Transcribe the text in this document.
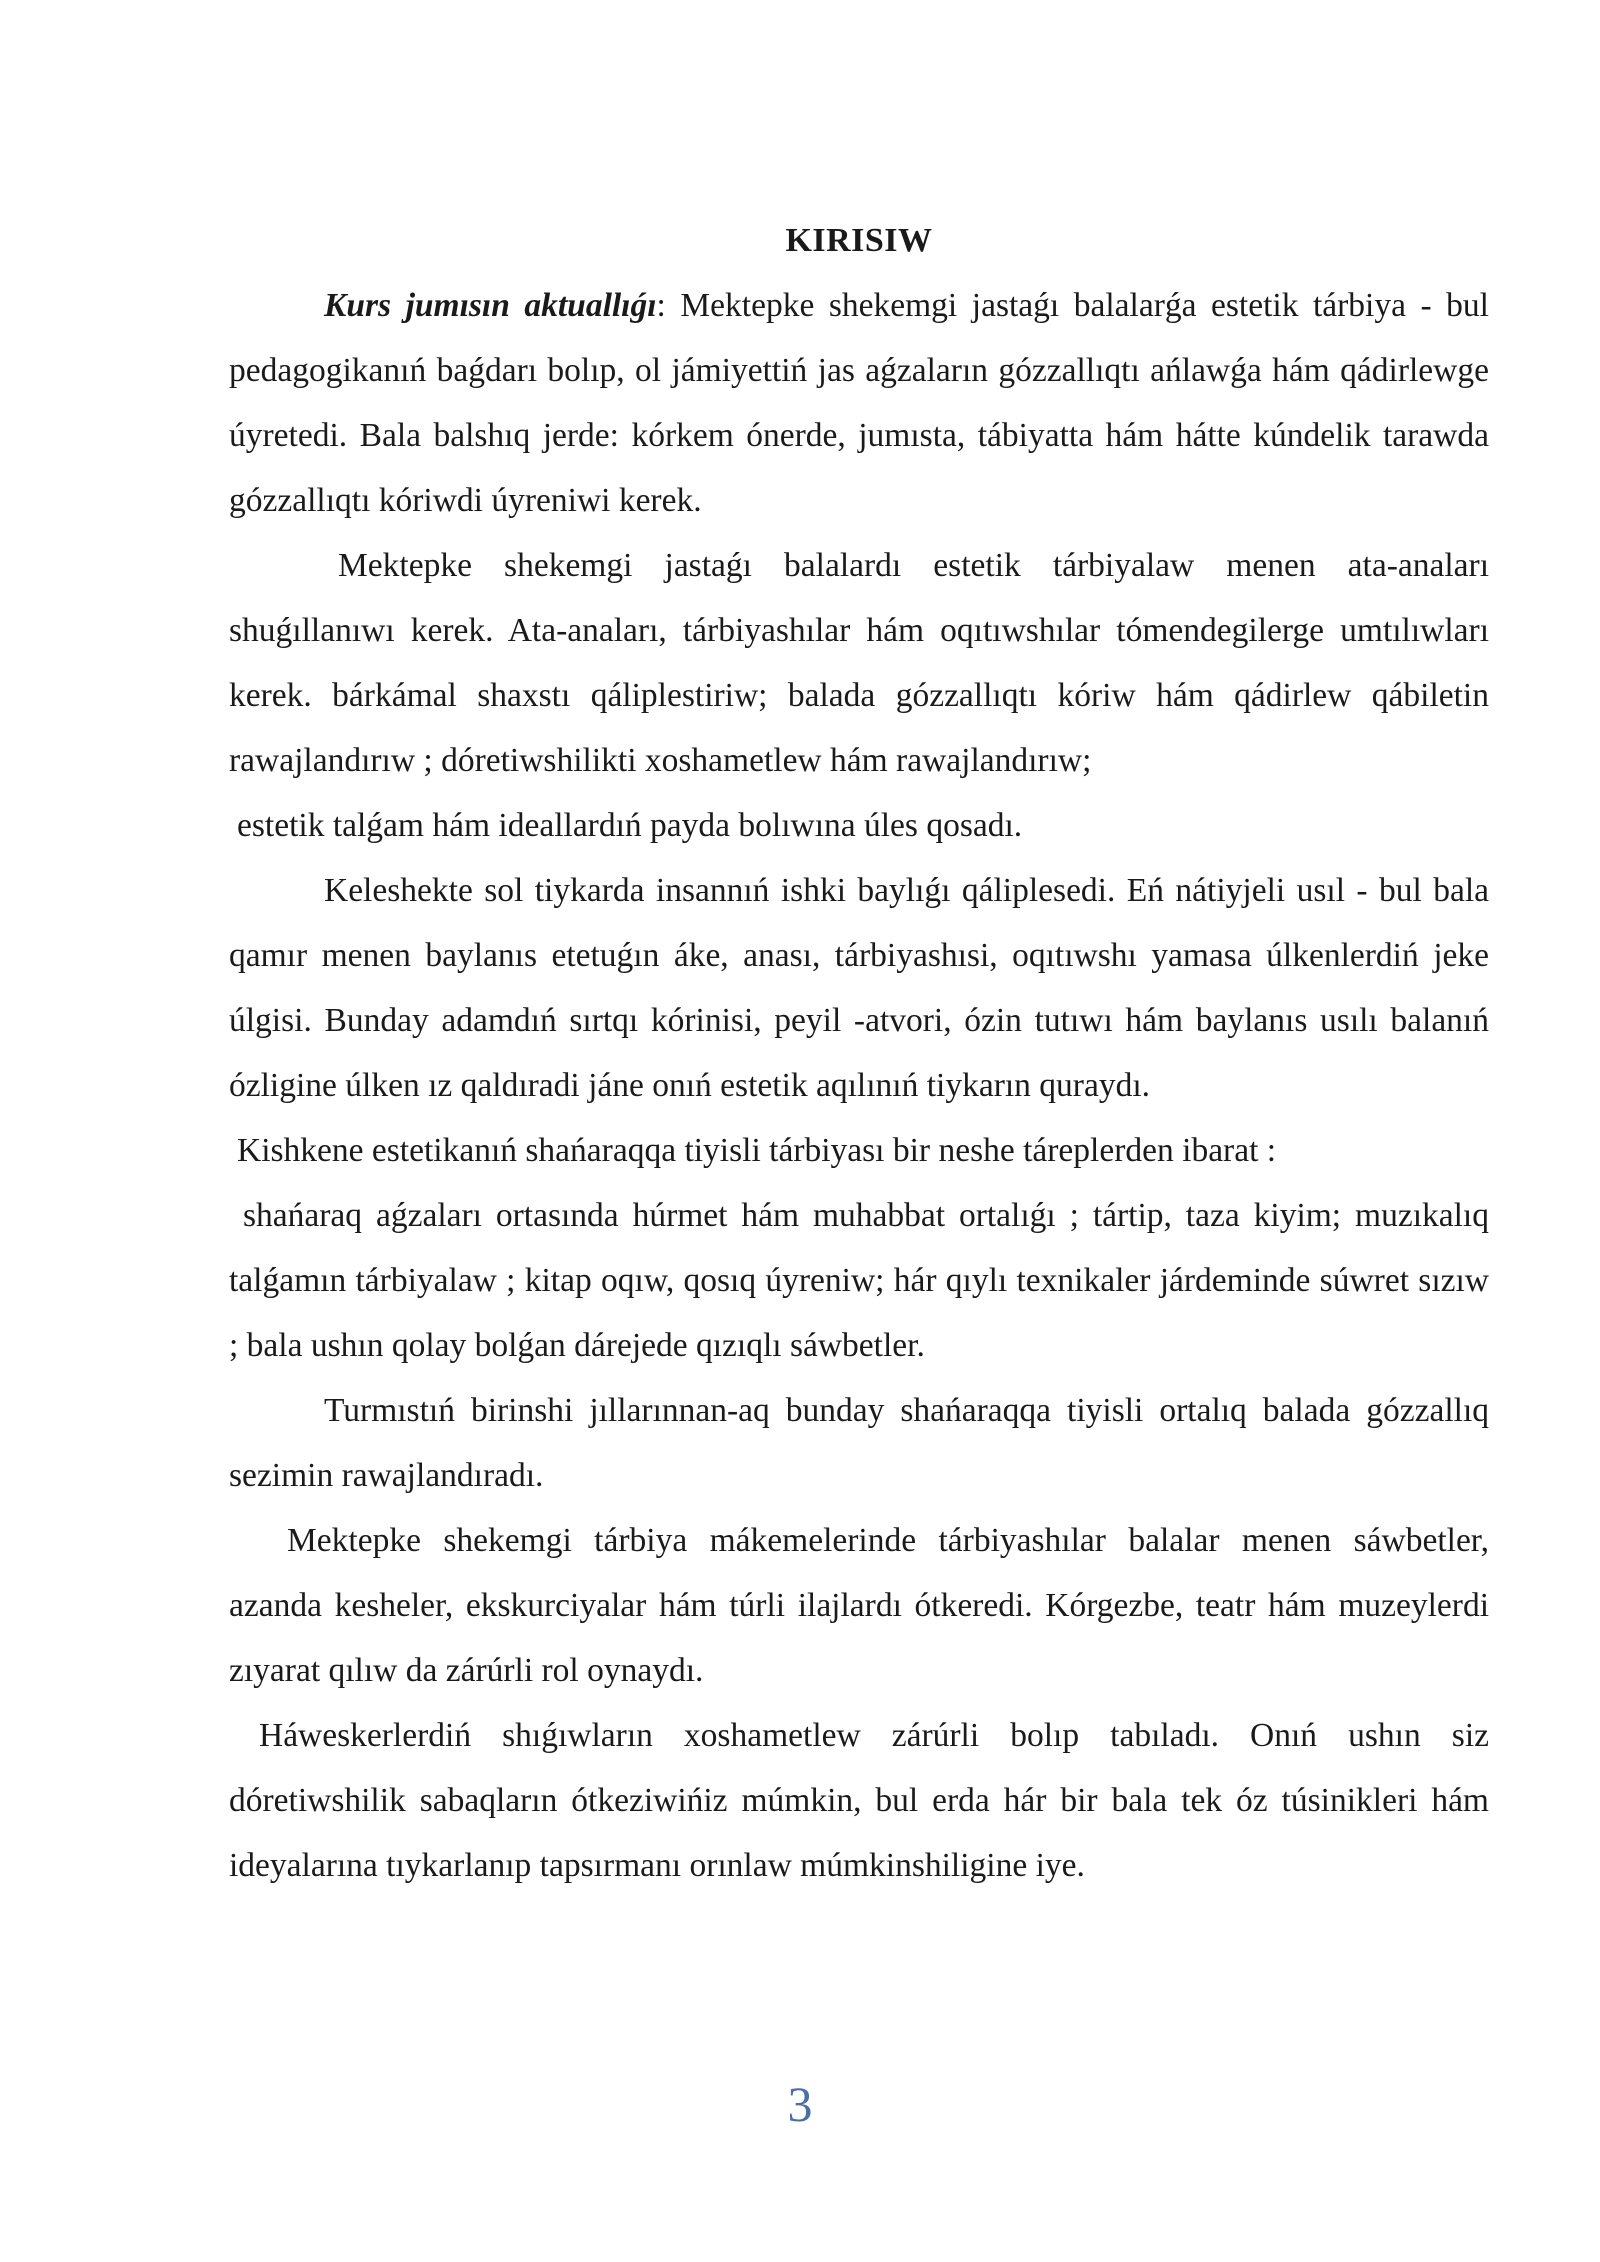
KIRISIW

Kurs jumısın aktuallıǵı: Mektepke shekemgi jastaǵı balalarǵa estetik tárbiya - bul pedagogikanıń baǵdarı bolıp, ol jámiyettiń jas aǵzaların gózzallıqtı ańlawǵa hám qádirlewge úyretedi. Bala balshıq jerde: kórkem ónerde, jumısta, tábiyatta hám hátte kúndelik tarawda gózzallıqtı kóriwdi úyreniwi kerek.

Mektepke shekemgi jastaǵı balalardı estetik tárbiyalaw menen ata-anaları shuǵıllanıwı kerek. Ata-anaları, tárbiyashılar hám oqıtıwshılar tómendegilerge umtılıwları kerek. bárkámal shaxstı qáliplestiriw; balada gózzallıqtı kóriw hám qádirlew qábiletin rawajlandırıw ; dóretiwshilikti xoshametlew hám rawajlandırıw;

estetik talǵam hám ideallardıń payda bolıwına úles qosadı.

Keleshekte sol tiykarda insannıń ishki baylıǵı qáliplesedi. Eń nátiyjeli usıl - bul bala qamır menen baylanıs etetuǵın áke, anası, tárbiyashısi, oqıtıwshı yamasa úlkenlerdiń jeke úlgisi. Bunday adamdıń sırtqı kórinisi, peyil -atvori, ózin tutıwı hám baylanıs usılı balanıń ózligine úlken ız qaldıradi jáne onıń estetik aqılınıń tiykarın quraydı.

Kishkene estetikanıń shańaraqqa tiyisli tárbiyası bir neshe táreplerden ibarat :

shańaraq aǵzaları ortasında húrmet hám muhabbat ortalıǵı ; tártip, taza kiyim; muzıkalıq talǵamın tárbiyalaw ; kitap oqıw, qosıq úyreniw; hár qıylı texnikaler járdeminde súwret sızıw ; bala ushın qolay bolǵan dárejede qızıqlı sáwbetler.

Turmıstıń birinshi jıllarınnan-aq bunday shańaraqqa tiyisli ortalıq balada gózzallıq sezimin rawajlandıradı.

Mektepke shekemgi tárbiya mákemelerinde tárbiyashılar balalar menen sáwbetler, azanda kesheler, ekskurciyalar hám túrli ilajlardı ótkeredi. Kórgezbe, teatr hám muzeylerdi zıyarat qılıw da zárúrli rol oynaydı.

Háweskerlerdiń shıǵıwların xoshametlew zárúrli bolıp tabıladı. Onıń ushın siz dóretiwshilik sabaqların ótkeziwińiz múmkin, bul erda hár bir bala tek óz túsinikleri hám ideyalarına tıykarlanıp tapsırmanı orınlaw múmkinshiligine iye.

3
